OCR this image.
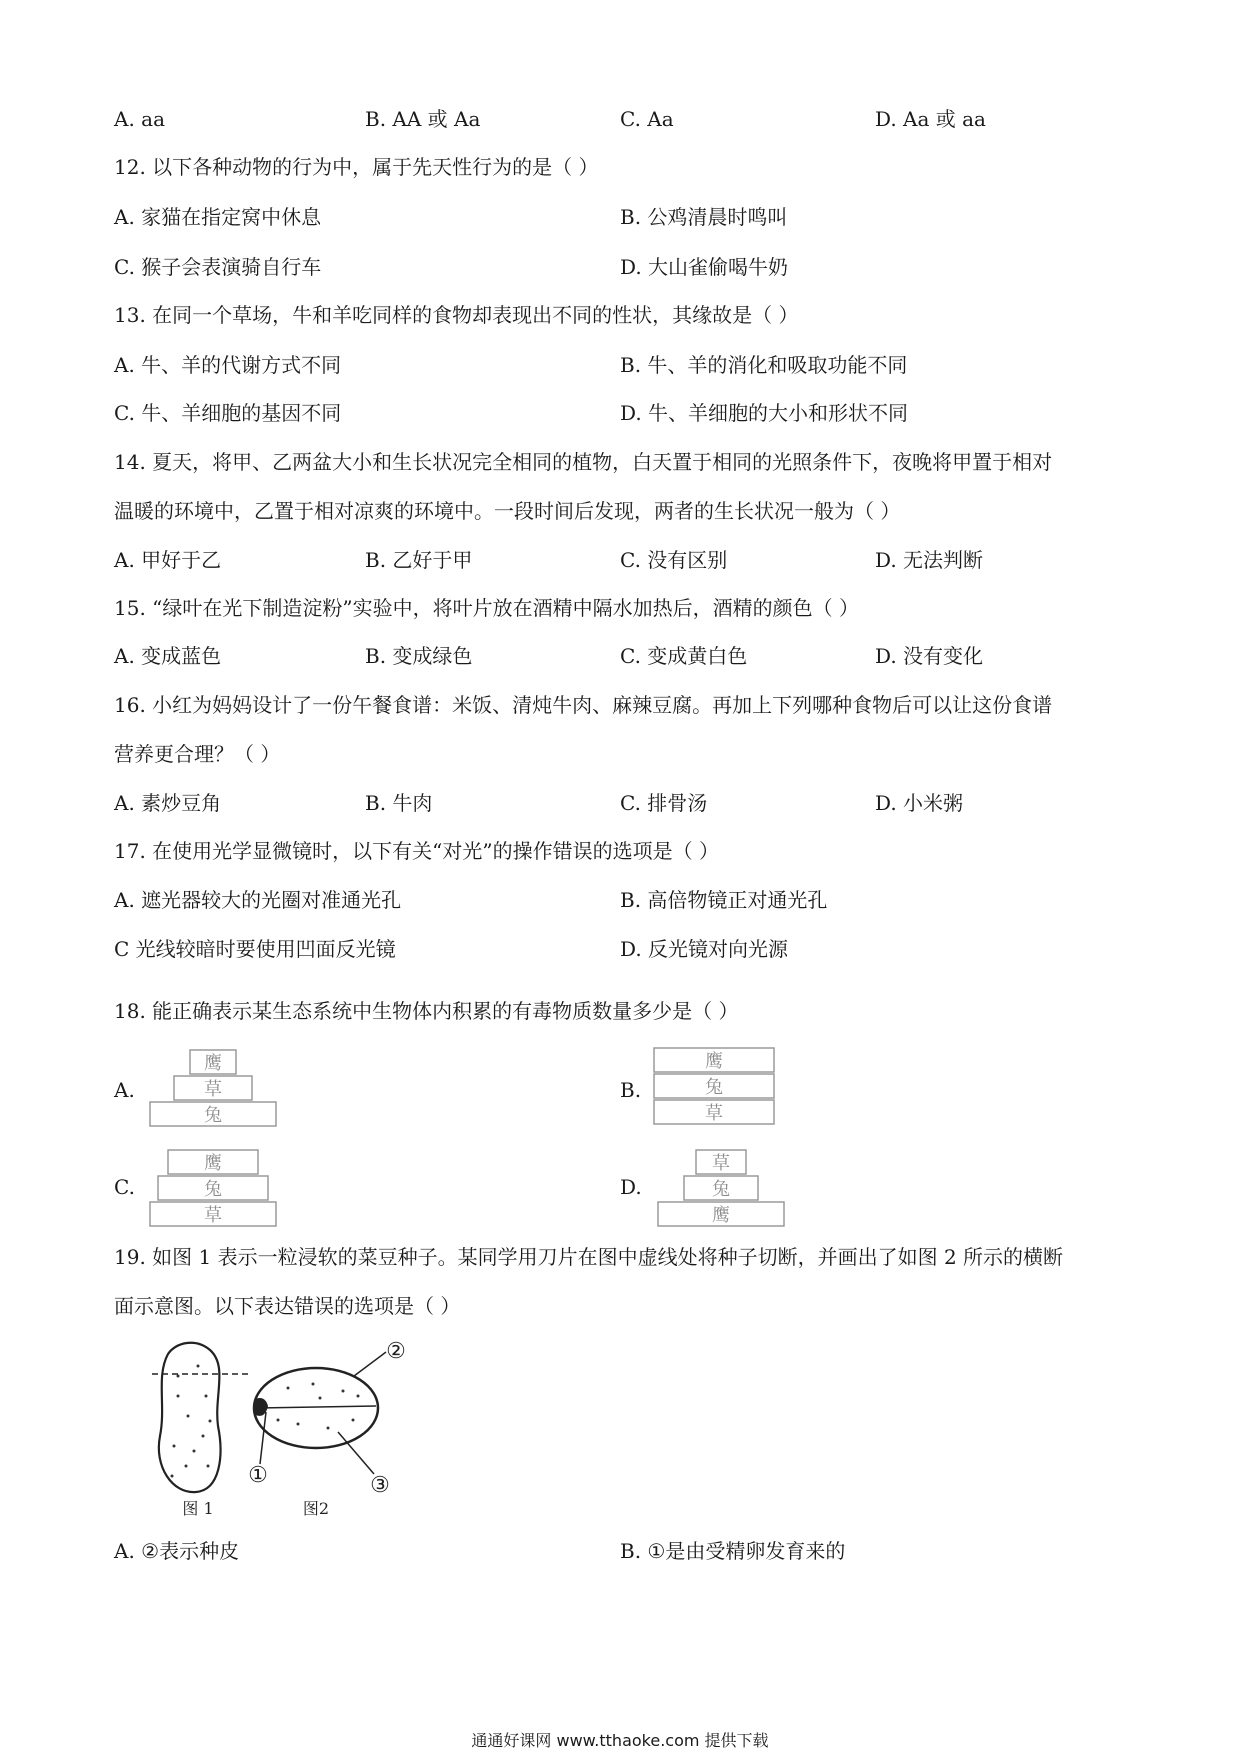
A. aa	B. AA 或 Aa	C. Aa	D. Aa 或 aa
12. 以下各种动物的行为中，属于先天性行为的是（ ）
A. 家猫在指定窝中休息	B. 公鸡清晨时鸣叫
C. 猴子会表演骑自行车	D. 大山雀偷喝牛奶
13. 在同一个草场，牛和羊吃同样的食物却表现出不同的性状，其缘故是（ ）
A. 牛、羊的代谢方式不同	B. 牛、羊的消化和吸取功能不同
C. 牛、羊细胞的基因不同	D. 牛、羊细胞的大小和形状不同
14. 夏天，将甲、乙两盆大小和生长状况完全相同的植物，白天置于相同的光照条件下，夜晚将甲置于相对
温暖的环境中，乙置于相对凉爽的环境中。一段时间后发现，两者的生长状况一般为（ ）
A. 甲好于乙	B. 乙好于甲	C. 没有区别	D. 无法判断
15. “绿叶在光下制造淀粉”实验中，将叶片放在酒精中隔水加热后，酒精的颜色（ ）
A. 变成蓝色	B. 变成绿色	C. 变成黄白色	D. 没有变化
16. 小红为妈妈设计了一份午餐食谱：米饭、清炖牛肉、麻辣豆腐。再加上下列哪种食物后可以让这份食谱
营养更合理？（ ）
A. 素炒豆角	B. 牛肉	C. 排骨汤	D. 小米粥
17. 在使用光学显微镜时，以下有关“对光”的操作错误的选项是（ ）
A. 遮光器较大的光圈对准通光孔	B. 高倍物镜正对通光孔
C 光线较暗时要使用凹面反光镜	D. 反光镜对向光源
18. 能正确表示某生态系统中生物体内积累的有毒物质数量多少是（ ）
A.
鹰
草
兔
B.
鹰
兔
草
C.
鹰
兔
草
D.
草
兔
鹰
19. 如图 1 表示一粒浸软的菜豆种子。某同学用刀片在图中虚线处将种子切断，并画出了如图 2 所示的横断
面示意图。以下表达错误的选项是（ ）
②
①	③
图 1	图2
A. ②表示种皮	B. ①是由受精卵发育来的
通通好课网 www.tthaoke.com 提供下载
